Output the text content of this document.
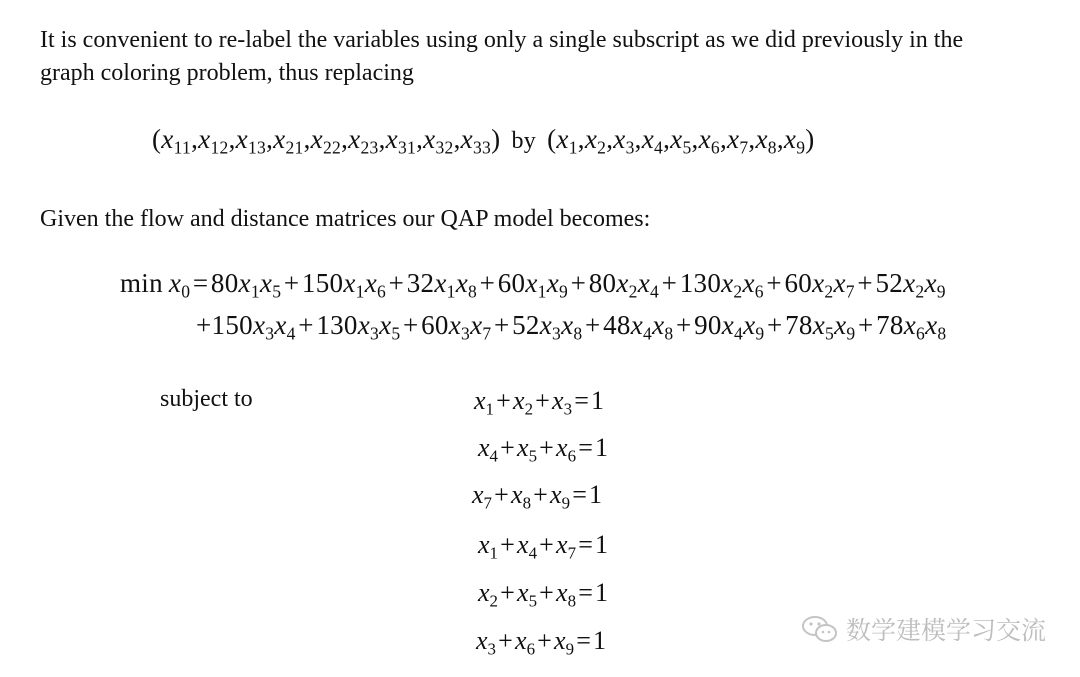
It is convenient to re-label the variables using only a single subscript as we did previously in the
graph coloring problem, thus replacing
$(x_{11},x_{12},x_{13},x_{21},x_{22},x_{23},x_{31},x_{32},x_{33})$ by $(x_1,x_2,x_3,x_4,x_5,x_6,x_7,x_8,x_9)$
Given the flow and distance matrices our QAP model becomes:
$\min x_0$ = $80x_1x_5$ + $150x_1x_6$ + $32x_1x_8$ + $60x_1x_9$ + $80x_2x_4$ + $130x_2x_6$ + $60x_2x_7$ + $52x_2x_9$
$+150x_3x_4$ + $130x_3x_5$ + $60x_3x_7$ + $52x_3x_8$ + $48x_4x_8$ + $90x_4x_9$ + $78x_5x_9$ + $78x_6x_8$
subject to	$x_1$ + $x_2$ + $x_3$ = 1
$x_4$ + $x_5$ + $x_6$ = 1
$x_7$ + $x_8$ + $x_9$ = 1
$x_1$ + $x_4$ + $x_7$ = 1
$x_2$ + $x_5$ + $x_8$ = 1
$x_3$ + $x_6$ + $x_9$ = 1	数学建模学习交流
